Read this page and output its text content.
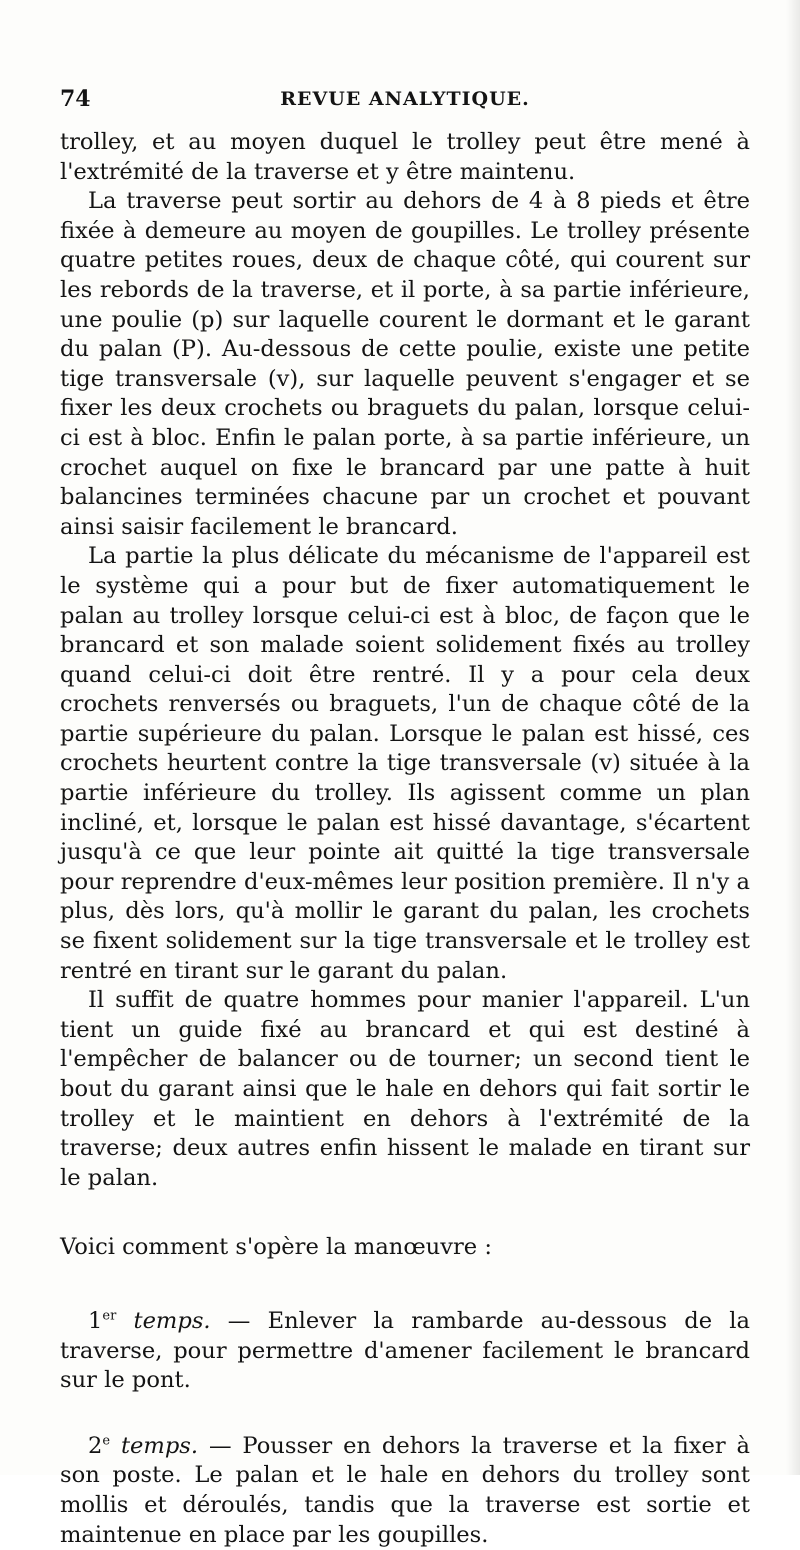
74	REVUE ANALYTIQUE.

trolley, et au moyen duquel le trolley peut être mené à l'extrémité de la traverse et y être maintenu.

La traverse peut sortir au dehors de 4 à 8 pieds et être fixée à demeure au moyen de goupilles. Le trolley présente quatre petites roues, deux de chaque côté, qui courent sur les rebords de la traverse, et il porte, à sa partie inférieure, une poulie (p) sur laquelle courent le dormant et le garant du palan (P). Au-dessous de cette poulie, existe une petite tige transversale (v), sur laquelle peuvent s'engager et se fixer les deux crochets ou braguets du palan, lorsque celui-ci est à bloc. Enfin le palan porte, à sa partie inférieure, un crochet auquel on fixe le brancard par une patte à huit balancines terminées chacune par un crochet et pouvant ainsi saisir facilement le brancard.

La partie la plus délicate du mécanisme de l'appareil est le système qui a pour but de fixer automatiquement le palan au trolley lorsque celui-ci est à bloc, de façon que le brancard et son malade soient solidement fixés au trolley quand celui-ci doit être rentré. Il y a pour cela deux crochets renversés ou braguets, l'un de chaque côté de la partie supérieure du palan. Lorsque le palan est hissé, ces crochets heurtent contre la tige transversale (v) située à la partie inférieure du trolley. Ils agissent comme un plan incliné, et, lorsque le palan est hissé davantage, s'écartent jusqu'à ce que leur pointe ait quitté la tige transversale pour reprendre d'eux-mêmes leur position première. Il n'y a plus, dès lors, qu'à mollir le garant du palan, les crochets se fixent solidement sur la tige transversale et le trolley est rentré en tirant sur le garant du palan.

Il suffit de quatre hommes pour manier l'appareil. L'un tient un guide fixé au brancard et qui est destiné à l'empêcher de balancer ou de tourner; un second tient le bout du garant ainsi que le hale en dehors qui fait sortir le trolley et le maintient en dehors à l'extrémité de la traverse; deux autres enfin hissent le malade en tirant sur le palan.

Voici comment s'opère la manœuvre :

1er temps. — Enlever la rambarde au-dessous de la traverse, pour permettre d'amener facilement le brancard sur le pont.

2e temps. — Pousser en dehors la traverse et la fixer à son poste. Le palan et le hale en dehors du trolley sont mollis et déroulés, tandis que la traverse est sortie et maintenue en place par les goupilles.
